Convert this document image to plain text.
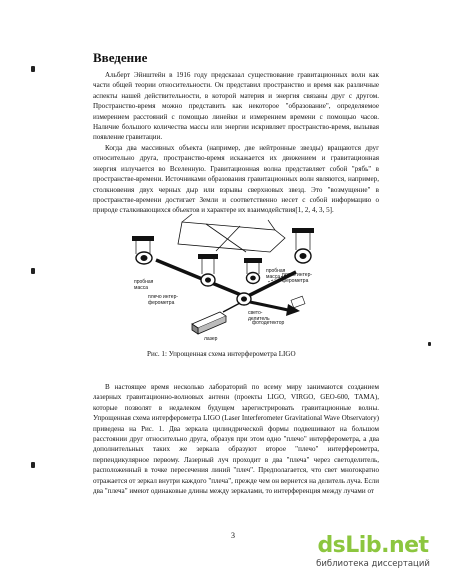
Введение

Альберт Эйнштейн в 1916 году предсказал существование гравитационных волн как части общей теории относительности. Он представил пространство и время как различные аспекты нашей действительности, в которой материя и энергия связаны друг с другом. Пространство-время можно представить как некоторое "образование", определяемое измерением расстояний с помощью линейки и измерением времени с помощью часов. Наличие большого количества массы или энергии искривляет пространство-время, вызывая появление гравитации.

Когда два массивных объекта (например, две нейтронные звезды) вращаются друг относительно друга, пространство-время искажается их движением и гравитационная энергия излучается во Вселенную. Гравитационная волна представляет собой "рябь" в пространстве-времени. Источниками образования гравитационных волн являются, например, столкновения двух черных дыр или взрывы сверхновых звезд. Это "возмущение" в пространстве-времени достигает Земли и соответственно несет с собой информацию о природе сталкивающихся объектов и характере их взаимодействия[1, 2, 4, 3, 5].

пробная масса
плечо интер- ферометра
пробная масса плечо интер- ферометра
свето- делитель
фотодетектор
лазер

Рис. 1: Упрощенная схема интерферометра LIGO

В настоящее время несколько лабораторий по всему миру занимаются созданием лазерных гравитационно-волновых антенн (проекты LIGO, VIRGO, GEO-600, TAMA), которые позволят в недалеком будущем зарегистрировать гравитационные волны. Упрощенная схема интерферометра LIGO (Laser Interferometer Gravitational Wave Observatory) приведена на Рис. 1. Два зеркала цилиндрической формы подвешивают на большом расстоянии друг относительно друга, образуя при этом одно "плечо" интерферометра, а два дополнительных таких же зеркала образуют второе "плечо" интерферометра, перпендикулярное первому. Лазерный луч проходит в два "плеча" через светоделитель, расположенный в точке пересечения линий "плеч". Предполагается, что свет многократно отражается от зеркал внутри каждого "плеча", прежде чем он вернется на делитель луча. Если два "плеча" имеют одинаковые длины между зеркалами, то интерференция между лучами от

3	dsLib.net
библиотека диссертаций
